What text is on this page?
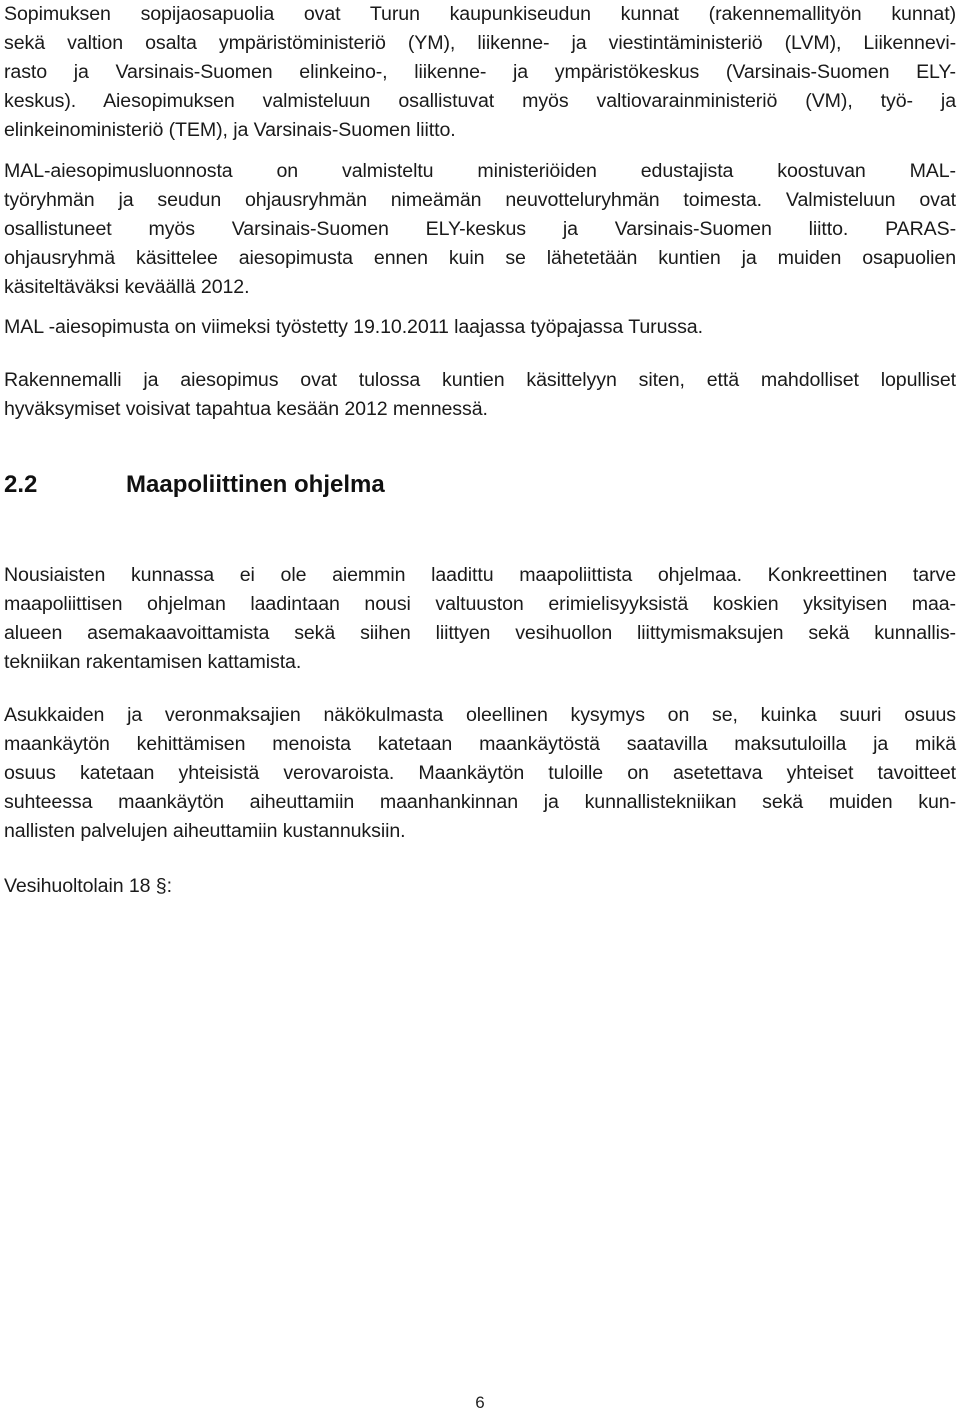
Sopimuksen sopijaosapuolia ovat Turun kaupunkiseudun kunnat (rakennemallityön kunnat)
sekä valtion osalta ympäristöministeriö (YM), liikenne- ja viestintäministeriö (LVM), Liikennevi-
rasto ja Varsinais-Suomen elinkeino-, liikenne- ja ympäristökeskus (Varsinais-Suomen ELY-
keskus). Aiesopimuksen valmisteluun osallistuvat myös valtiovarainministeriö (VM), työ- ja
elinkeinoministeriö (TEM), ja Varsinais-Suomen liitto.
MAL-aiesopimusluonnosta on valmisteltu ministeriöiden edustajista koostuvan MAL-
työryhmän ja seudun ohjausryhmän nimeämän neuvotteluryhmän toimesta. Valmisteluun ovat
osallistuneet myös Varsinais-Suomen ELY-keskus ja Varsinais-Suomen liitto. PARAS-
ohjausryhmä käsittelee aiesopimusta ennen kuin se lähetetään kuntien ja muiden osapuolien
käsiteltäväksi keväällä 2012.
MAL -aiesopimusta on viimeksi työstetty 19.10.2011 laajassa työpajassa Turussa.
Rakennemalli ja aiesopimus ovat tulossa kuntien käsittelyyn siten, että mahdolliset lopulliset
hyväksymiset voisivat tapahtua kesään 2012 mennessä.
2.2	Maapoliittinen ohjelma
Nousiaisten kunnassa ei ole aiemmin laadittu maapoliittista ohjelmaa. Konkreettinen tarve
maapoliittisen ohjelman laadintaan nousi valtuuston erimielisyyksistä koskien yksityisen maa-
alueen asemakaavoittamista sekä siihen liittyen vesihuollon liittymismaksujen sekä kunnallis-
tekniikan rakentamisen kattamista.
Asukkaiden ja veronmaksajien näkökulmasta oleellinen kysymys on se, kuinka suuri osuus
maankäytön kehittämisen menoista katetaan maankäytöstä saatavilla maksutuloilla ja mikä
osuus katetaan yhteisistä verovaroista. Maankäytön tuloille on asetettava yhteiset tavoitteet
suhteessa maankäytön aiheuttamiin maanhankinnan ja kunnallistekniikan sekä muiden kun-
nallisten palvelujen aiheuttamiin kustannuksiin.
Vesihuoltolain 18 §:
6
